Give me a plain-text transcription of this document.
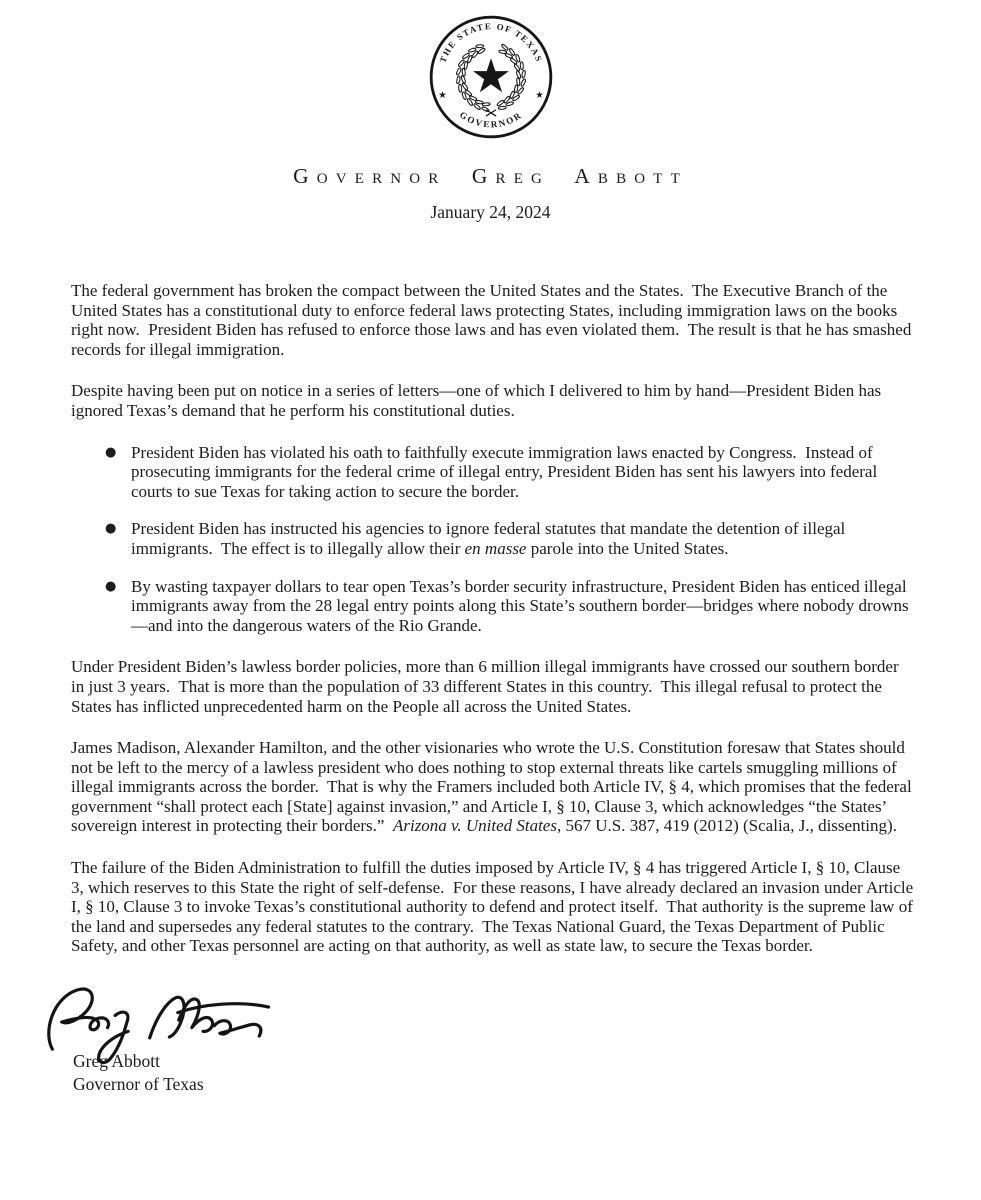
THE STATE OF TEXAS
GOVERNOR
★	★
Governor Greg Abbott
January 24, 2024

The federal government has broken the compact between the United States and the States.  The Executive Branch of the United States has a constitutional duty to enforce federal laws protecting States, including immigration laws on the books right now.  President Biden has refused to enforce those laws and has even violated them.  The result is that he has smashed records for illegal immigration.

Despite having been put on notice in a series of letters—one of which I delivered to him by hand—President Biden has ignored Texas’s demand that he perform his constitutional duties.

● President Biden has violated his oath to faithfully execute immigration laws enacted by Congress.  Instead of prosecuting immigrants for the federal crime of illegal entry, President Biden has sent his lawyers into federal courts to sue Texas for taking action to secure the border.
● President Biden has instructed his agencies to ignore federal statutes that mandate the detention of illegal immigrants.  The effect is to illegally allow their en masse parole into the United States.
● By wasting taxpayer dollars to tear open Texas’s border security infrastructure, President Biden has enticed illegal immigrants away from the 28 legal entry points along this State’s southern border—bridges where nobody drowns—and into the dangerous waters of the Rio Grande.

Under President Biden’s lawless border policies, more than 6 million illegal immigrants have crossed our southern border in just 3 years.  That is more than the population of 33 different States in this country.  This illegal refusal to protect the States has inflicted unprecedented harm on the People all across the United States.

James Madison, Alexander Hamilton, and the other visionaries who wrote the U.S. Constitution foresaw that States should not be left to the mercy of a lawless president who does nothing to stop external threats like cartels smuggling millions of illegal immigrants across the border.  That is why the Framers included both Article IV, § 4, which promises that the federal government “shall protect each [State] against invasion,” and Article I, § 10, Clause 3, which acknowledges “the States’ sovereign interest in protecting their borders.”  Arizona v. United States, 567 U.S. 387, 419 (2012) (Scalia, J., dissenting).

The failure of the Biden Administration to fulfill the duties imposed by Article IV, § 4 has triggered Article I, § 10, Clause 3, which reserves to this State the right of self-defense.  For these reasons, I have already declared an invasion under Article I, § 10, Clause 3 to invoke Texas’s constitutional authority to defend and protect itself.  That authority is the supreme law of the land and supersedes any federal statutes to the contrary.  The Texas National Guard, the Texas Department of Public Safety, and other Texas personnel are acting on that authority, as well as state law, to secure the Texas border.

Greg Abbott
Governor of Texas
